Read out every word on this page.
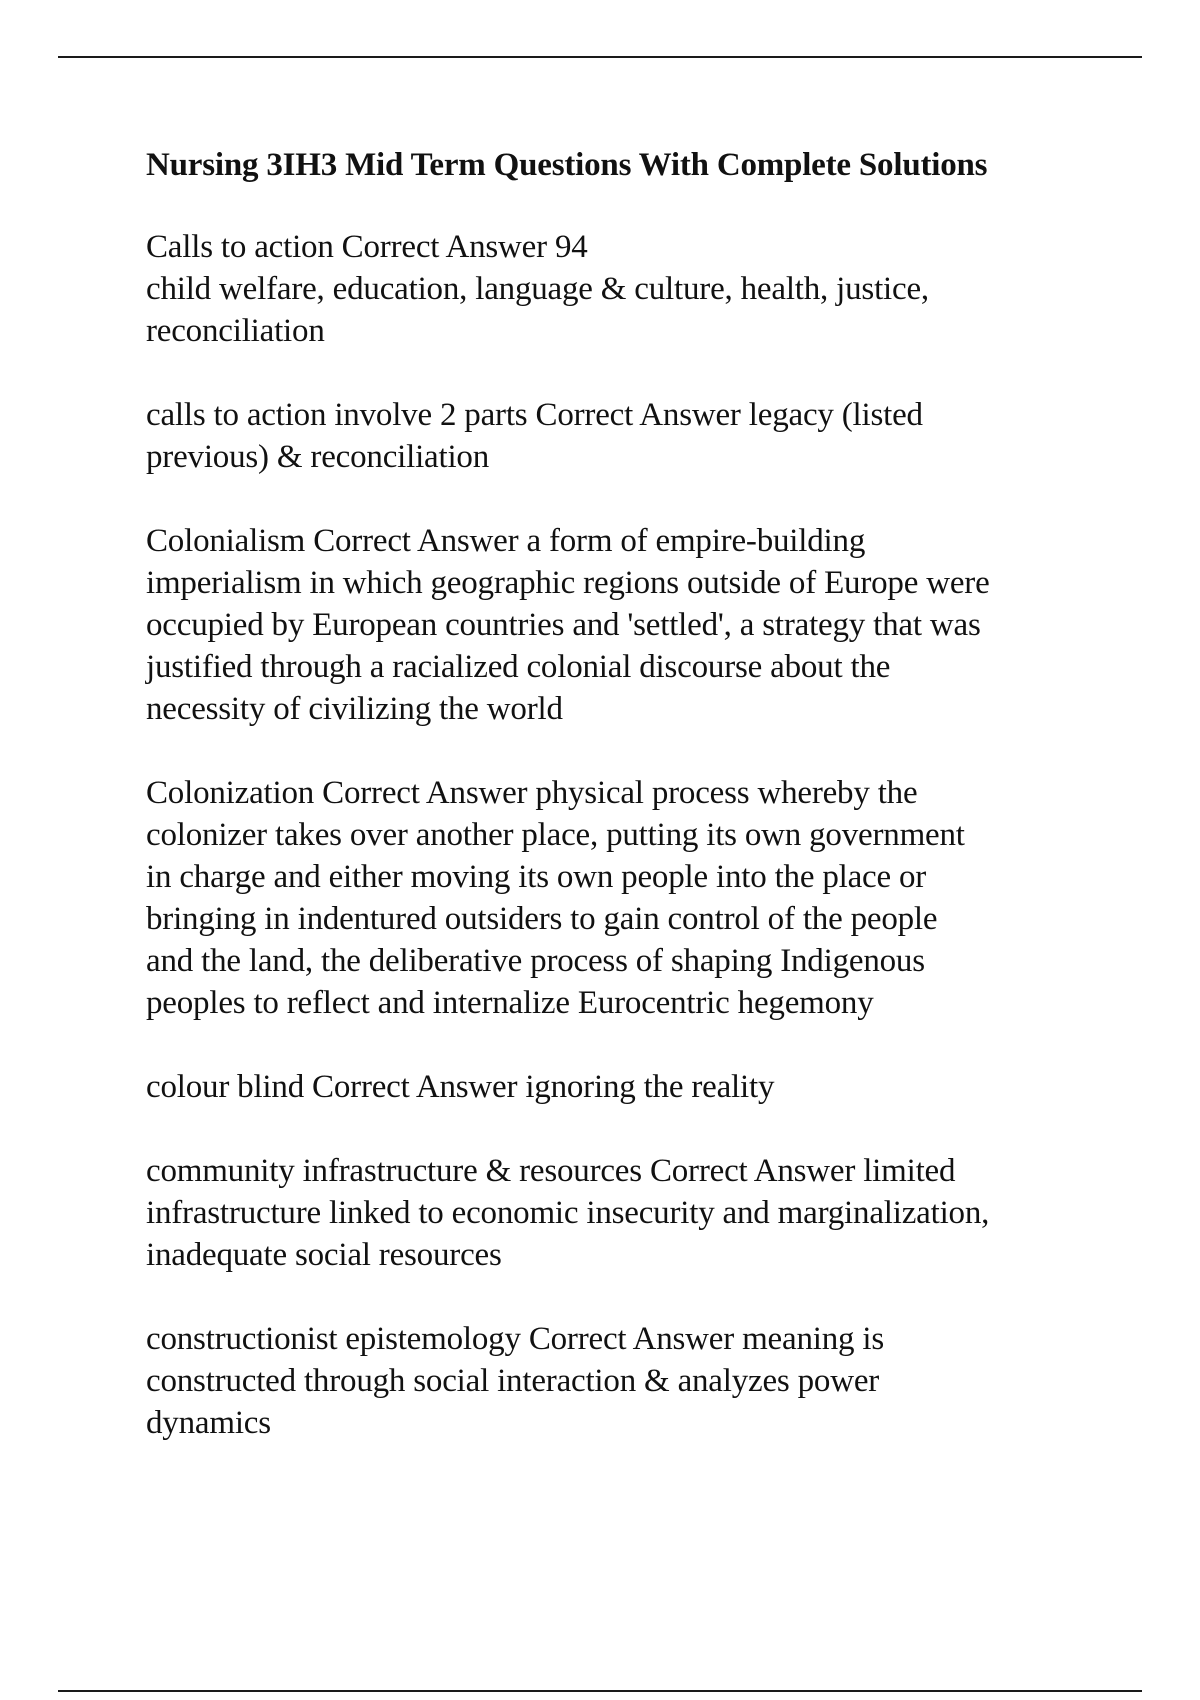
Nursing 3IH3 Mid Term Questions With Complete Solutions
Calls to action Correct Answer 94
child welfare, education, language & culture, health, justice,
reconciliation
calls to action involve 2 parts Correct Answer legacy (listed
previous) & reconciliation
Colonialism Correct Answer a form of empire-building
imperialism in which geographic regions outside of Europe were
occupied by European countries and 'settled', a strategy that was
justified through a racialized colonial discourse about the
necessity of civilizing the world
Colonization Correct Answer physical process whereby the
colonizer takes over another place, putting its own government
in charge and either moving its own people into the place or
bringing in indentured outsiders to gain control of the people
and the land, the deliberative process of shaping Indigenous
peoples to reflect and internalize Eurocentric hegemony
colour blind Correct Answer ignoring the reality
community infrastructure & resources Correct Answer limited
infrastructure linked to economic insecurity and marginalization,
inadequate social resources
constructionist epistemology Correct Answer meaning is
constructed through social interaction & analyzes power
dynamics
